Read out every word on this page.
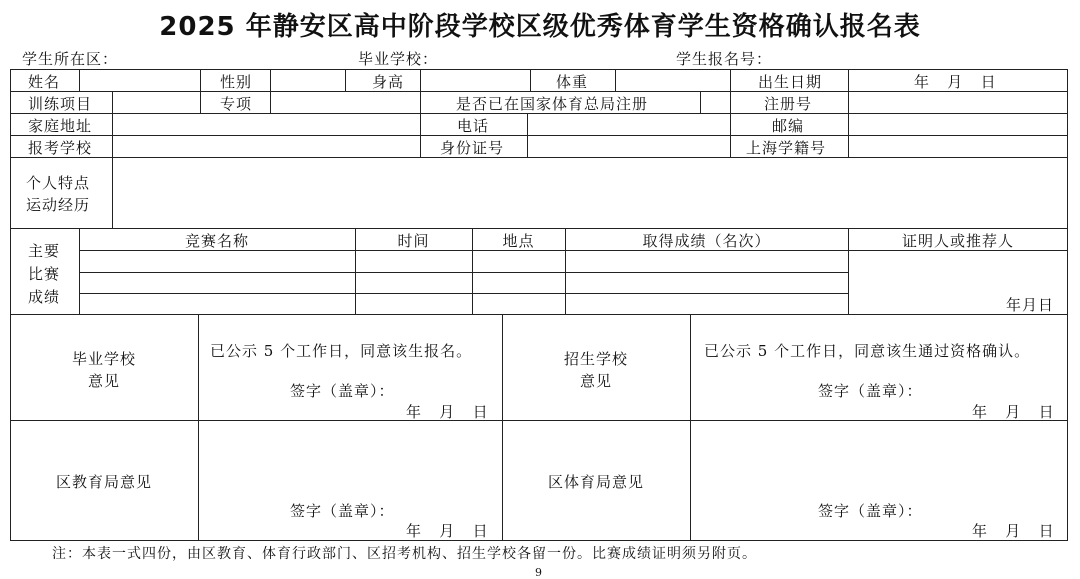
2025 年静安区高中阶段学校区级优秀体育学生资格确认报名表
学生所在区：	毕业学校：	学生报名号：
姓名	性别	身高	体重	出生日期	年   月   日
训练项目	专项	是否已在国家体育总局注册	注册号
家庭地址	电话	邮编
报考学校	身份证号	上海学籍号
个人特点
运动经历
主要
比赛
成绩
竞赛名称	时间	地点	取得成绩（名次）	证明人或推荐人
年月日
毕业学校
意见
已公示 5 个工作日，同意该生报名。
签字（盖章）：
年   月   日
招生学校
意见
已公示 5 个工作日，同意该生通过资格确认。
签字（盖章）：
年   月   日
区教育局意见
签字（盖章）：
年   月   日
区体育局意见
签字（盖章）：
年   月   日
注：本表一式四份，由区教育、体育行政部门、区招考机构、招生学校各留一份。比赛成绩证明须另附页。
9
